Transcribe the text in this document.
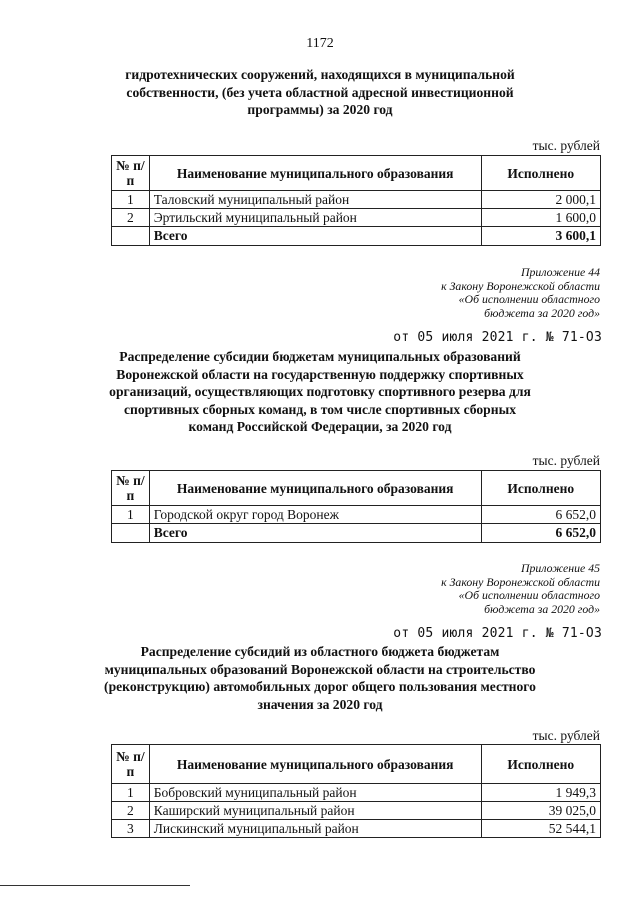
1172
гидротехнических сооружений, находящихся в муниципальной
собственности, (без учета областной адресной инвестиционной
программы) за 2020 год
тыс. рублей
№ п/п	Наименование муниципального образования	Исполнено
1	Таловский муниципальный район	2 000,1
2	Эртильский муниципальный район	1 600,0
	Всего	3 600,1
Приложение 44
к Закону Воронежской области
«Об исполнении областного
бюджета за 2020 год»
от 05 июля 2021 г. № 71-ОЗ
Распределение субсидии бюджетам муниципальных образований
Воронежской области на государственную поддержку спортивных
организаций, осуществляющих подготовку спортивного резерва для
спортивных сборных команд, в том числе спортивных сборных
команд Российской Федерации, за 2020 год
тыс. рублей
№ п/п	Наименование муниципального образования	Исполнено
1	Городской округ город Воронеж	6 652,0
	Всего	6 652,0
Приложение 45
к Закону Воронежской области
«Об исполнении областного
бюджета за 2020 год»
от 05 июля 2021 г. № 71-ОЗ
Распределение субсидий из областного бюджета бюджетам
муниципальных образований Воронежской области на строительство
(реконструкцию) автомобильных дорог общего пользования местного
значения за 2020 год
тыс. рублей
№ п/п	Наименование муниципального образования	Исполнено
1	Бобровский муниципальный район	1 949,3
2	Каширский муниципальный район	39 025,0
3	Лискинский муниципальный район	52 544,1
